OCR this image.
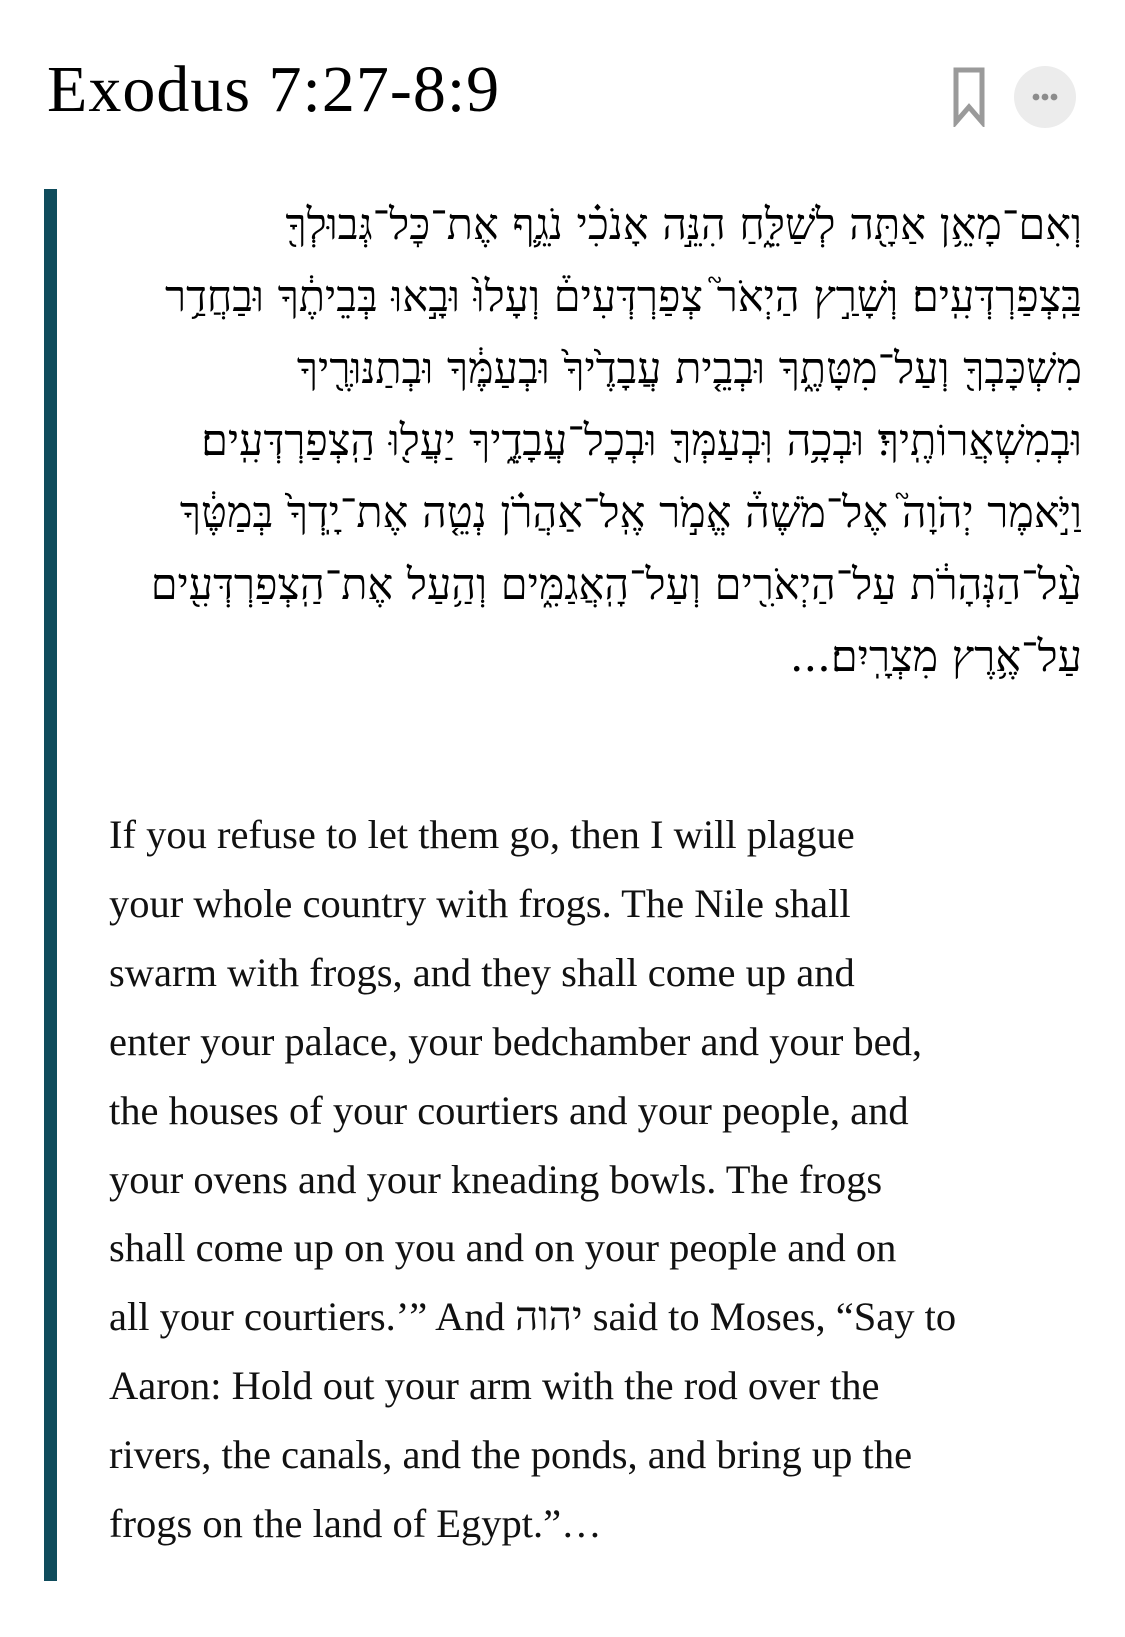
Exodus 7:27-8:9
וְאִם־מָאֵ֥ן אַתָּ֖ה לְשַׁלֵּ֑חַ הִנֵּ֣ה אָנֹכִ֗י נֹגֵ֛ף אֶת־כׇּל־גְּבוּלְךָ֖ בַּֽצְפַרְדְּעִֽים׃ וְשָׁרַ֣ץ הַיְאֹר֮ צְפַרְדְּעִים֒ וְעָלוּ֙ וּבָ֣אוּ בְּבֵיתֶ֔ךָ וּבַחֲדַ֥ר מִשְׁכָּבְךָ֖ וְעַל־מִטָּתֶ֑ךָ וּבְבֵ֤ית עֲבָדֶ֙יךָ֙ וּבְעַמֶּ֔ךָ וּבְתַנּוּרֶ֖יךָ וּבְמִשְׁאֲרוֹתֶֽיךָ׃ וּבְכָ֥ה וּֽבְעַמְּךָ֖ וּבְכׇל־עֲבָדֶ֑יךָ יַעֲל֖וּ הַֽצְפַרְדְּעִֽים׃ וַיֹּ֣אמֶר יְהֹוָה֮ אֶל־מֹשֶׁה֒ אֱמֹ֣ר אֶֽל־אַהֲרֹ֗ן נְטֵ֤ה אֶת־יָֽדְךָ֙ בְּמַטֶּ֔ךָ עַ֨ל־הַנְּהָרֹ֔ת עַל־הַיְאֹרִ֖ים וְעַל־הָֽאֲגַמִּ֑ים וְהַ֥עַל אֶת־הַֽצְפַרְדְּעִ֖ים עַל־אֶ֥רֶץ מִצְרָֽיִם׃...
If you refuse to let them go, then I will plague
your whole country with frogs. The Nile shall
swarm with frogs, and they shall come up and
enter your palace, your bedchamber and your bed,
the houses of your courtiers and your people, and
your ovens and your kneading bowls. The frogs
shall come up on you and on your people and on
all your courtiers.’” And יהוה said to Moses, “Say to
Aaron: Hold out your arm with the rod over the
rivers, the canals, and the ponds, and bring up the
frogs on the land of Egypt.”…
